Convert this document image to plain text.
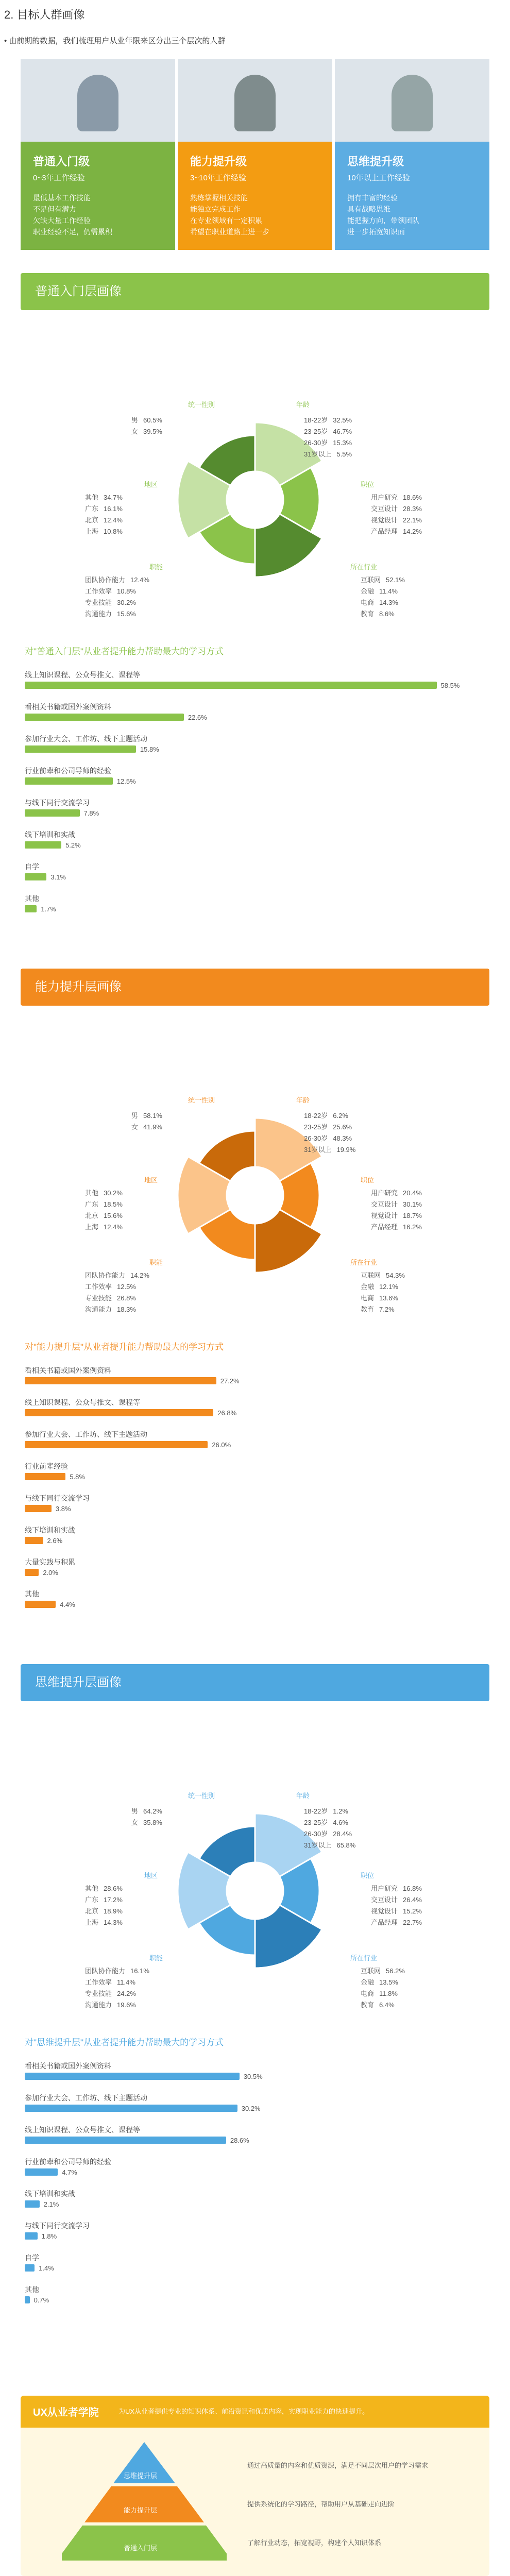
2. 目标人群画像
• 由前期的数据，我们梳理用户从业年限来区分出三个层次的人群
普通入门级
0~3年工作经验
最低基本工作技能
不足但有潜力
欠缺大量工作经验
职业经验不足，仍需累积
能力提升级
3~10年工作经验
熟练掌握相关技能
能独立完成工作
在专业领域有一定积累
希望在职业道路上进一步
思维提升级
10年以上工作经验
拥有丰富的经验
具有战略思维
能把握方向，带领团队
进一步拓宽知识面
普通入门层画像
统一性别	年龄
地区	职位
职能	所在行业
男 60.5%
女 39.5%
18-22岁 32.5%
23-25岁 46.7%
26-30岁 15.3%
31岁以上 5.5%
其他 34.7%
广东 16.1%
北京 12.4%
上海 10.8%
用户研究 18.6%
交互设计 28.3%
视觉设计 22.1%
产品经理 14.2%
团队协作能力 12.4%
工作效率 10.8%
专业技能 30.2%
沟通能力 15.6%
互联网 52.1%
金融 11.4%
电商 14.3%
教育 8.6%
对"普通入门层"从业者提升能力帮助最大的学习方式
线上知识课程、公众号推文、课程等
58.5%
看相关书籍或国外案例资料
22.6%
参加行业大会、工作坊、线下主题活动
15.8%
行业前辈和公司导师的经验
12.5%
与线下同行交流学习
7.8%
线下培训和实战
5.2%
自学
3.1%
其他
1.7%
能力提升层画像
统一性别	年龄
地区	职位
职能	所在行业
男 58.1%
女 41.9%
18-22岁 6.2%
23-25岁 25.6%
26-30岁 48.3%
31岁以上 19.9%
其他 30.2%
广东 18.5%
北京 15.6%
上海 12.4%
用户研究 20.4%
交互设计 30.1%
视觉设计 18.7%
产品经理 16.2%
团队协作能力 14.2%
工作效率 12.5%
专业技能 26.8%
沟通能力 18.3%
互联网 54.3%
金融 12.1%
电商 13.6%
教育 7.2%
对"能力提升层"从业者提升能力帮助最大的学习方式
看相关书籍或国外案例资料
27.2%
线上知识课程、公众号推文、课程等
26.8%
参加行业大会、工作坊、线下主题活动
26.0%
行业前辈经验
5.8%
与线下同行交流学习
3.8%
线下培训和实战
2.6%
大量实践与积累
2.0%
其他
4.4%
思维提升层画像
统一性别	年龄
地区	职位
职能	所在行业
男 64.2%
女 35.8%
18-22岁 1.2%
23-25岁 4.6%
26-30岁 28.4%
31岁以上 65.8%
其他 28.6%
广东 17.2%
北京 18.9%
上海 14.3%
用户研究 16.8%
交互设计 26.4%
视觉设计 15.2%
产品经理 22.7%
团队协作能力 16.1%
工作效率 11.4%
专业技能 24.2%
沟通能力 19.6%
互联网 56.2%
金融 13.5%
电商 11.8%
教育 6.4%
对"思维提升层"从业者提升能力帮助最大的学习方式
看相关书籍或国外案例资料
30.5%
参加行业大会、工作坊、线下主题活动
30.2%
线上知识课程、公众号推文、课程等
28.6%
行业前辈和公司导师的经验
4.7%
线下培训和实战
2.1%
与线下同行交流学习
1.8%
自学
1.4%
其他
0.7%
UX从业者学院	为UX从业者提供专业的知识体系、前沿资讯和优质内容，实现职业能力的快速提升。
思维提升层
能力提升层
普通入门层
通过高质量的内容和优质资源，满足不同层次用户的学习需求
提供系统化的学习路径，帮助用户从基础走向进阶
了解行业动态，拓宽视野，构建个人知识体系
